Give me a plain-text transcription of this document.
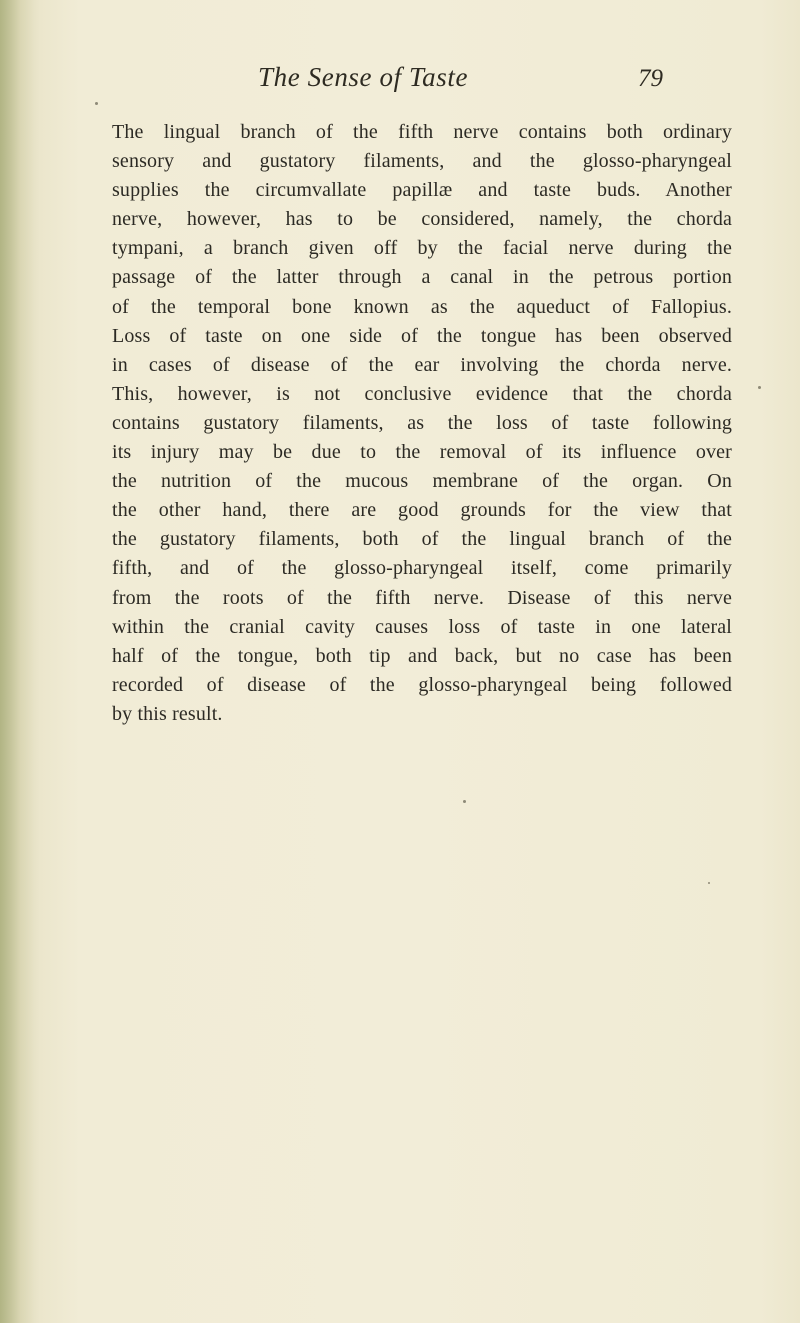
The Sense of Taste	79
The lingual branch of the fifth nerve contains both ordinary
sensory and gustatory filaments, and the glosso-pharyngeal
supplies the circumvallate papillæ and taste buds. Another
nerve, however, has to be considered, namely, the chorda
tympani, a branch given off by the facial nerve during the
passage of the latter through a canal in the petrous portion
of the temporal bone known as the aqueduct of Fallopius.
Loss of taste on one side of the tongue has been observed
in cases of disease of the ear involving the chorda nerve.
This, however, is not conclusive evidence that the chorda
contains gustatory filaments, as the loss of taste following
its injury may be due to the removal of its influence over
the nutrition of the mucous membrane of the organ. On
the other hand, there are good grounds for the view that
the gustatory filaments, both of the lingual branch of the
fifth, and of the glosso-pharyngeal itself, come primarily
from the roots of the fifth nerve. Disease of this nerve
within the cranial cavity causes loss of taste in one lateral
half of the tongue, both tip and back, but no case has been
recorded of disease of the glosso-pharyngeal being followed
by this result.
